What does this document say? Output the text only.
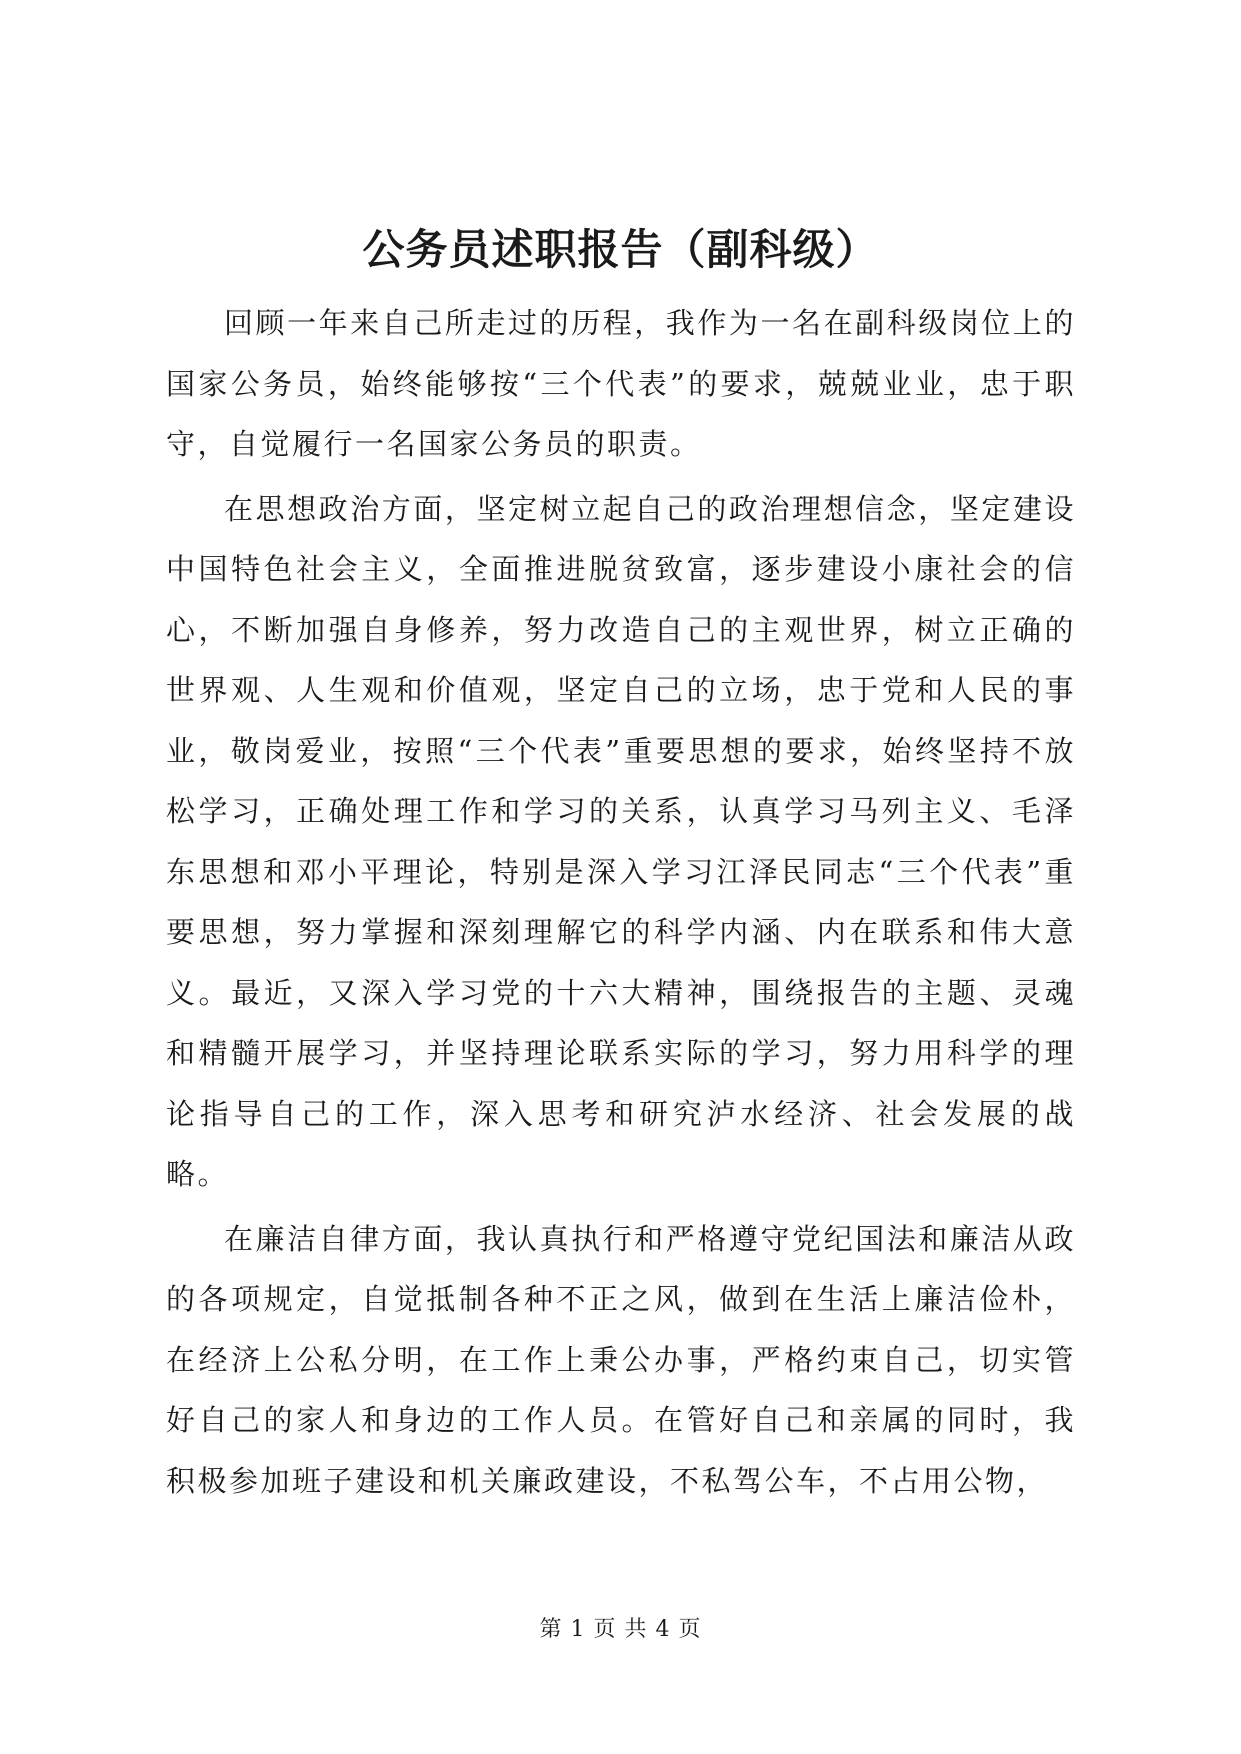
公务员述职报告（副科级）

回顾一年来自己所走过的历程，我作为一名在副科级岗位上的国家公务员，始终能够按“三个代表”的要求，兢兢业业，忠于职守，自觉履行一名国家公务员的职责。

在思想政治方面，坚定树立起自己的政治理想信念，坚定建设中国特色社会主义，全面推进脱贫致富，逐步建设小康社会的信心，不断加强自身修养，努力改造自己的主观世界，树立正确的世界观、人生观和价值观，坚定自己的立场，忠于党和人民的事业，敬岗爱业，按照“三个代表”重要思想的要求，始终坚持不放松学习，正确处理工作和学习的关系，认真学习马列主义、毛泽东思想和邓小平理论，特别是深入学习江泽民同志“三个代表”重要思想，努力掌握和深刻理解它的科学内涵、内在联系和伟大意义。最近，又深入学习党的十六大精神，围绕报告的主题、灵魂和精髓开展学习，并坚持理论联系实际的学习，努力用科学的理论指导自己的工作，深入思考和研究泸水经济、社会发展的战略。

在廉洁自律方面，我认真执行和严格遵守党纪国法和廉洁从政的各项规定，自觉抵制各种不正之风，做到在生活上廉洁俭朴，在经济上公私分明，在工作上秉公办事，严格约束自己，切实管好自己的家人和身边的工作人员。在管好自己和亲属的同时，我积极参加班子建设和机关廉政建设，不私驾公车，不占用公物，

第 1 页 共 4 页
